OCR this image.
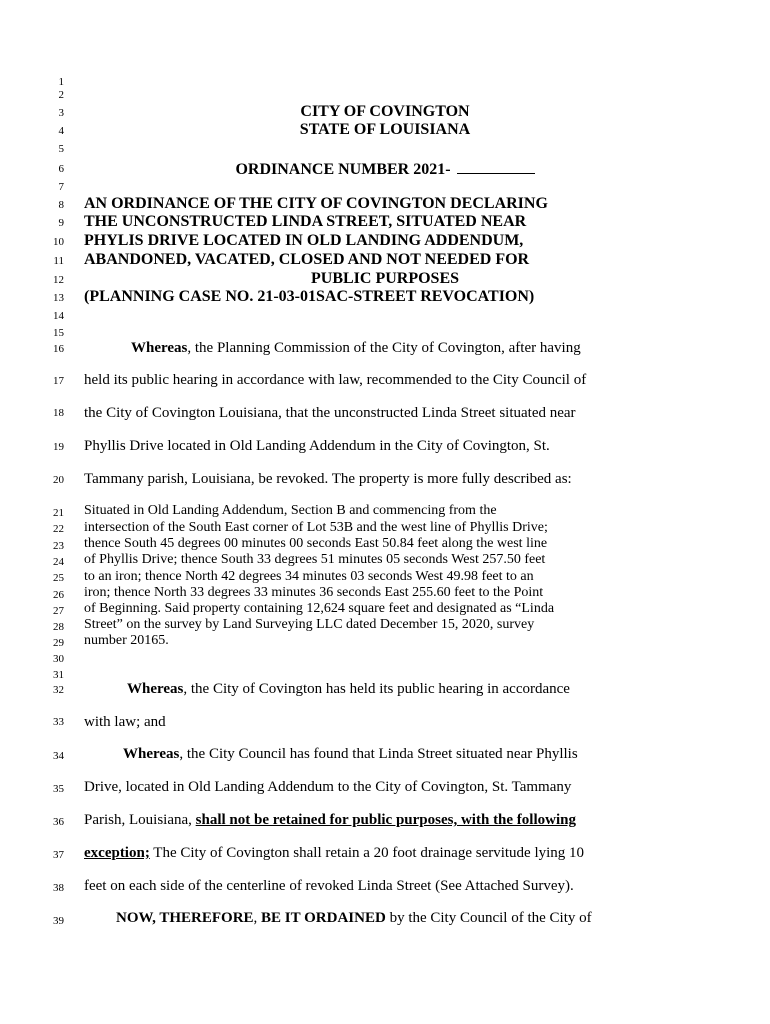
1
2
3
4
5
6
7
8
9
10
11
12
13
14
15
16
17
18
19
20
21
22
23
24
25
26
27
28
29
30
31
32
33
34
35
36
37
38
39
CITY OF COVINGTON
STATE OF LOUISIANA
ORDINANCE NUMBER 2021-
AN ORDINANCE OF THE CITY OF COVINGTON DECLARING
THE UNCONSTRUCTED LINDA STREET, SITUATED NEAR
PHYLIS DRIVE LOCATED IN OLD LANDING ADDENDUM,
ABANDONED, VACATED, CLOSED AND NOT NEEDED FOR
PUBLIC PURPOSES
(PLANNING CASE NO. 21-03-01SAC-STREET REVOCATION)
Whereas, the Planning Commission of the City of Covington, after having
held its public hearing in accordance with law, recommended to the City Council of
the City of Covington Louisiana, that the unconstructed Linda Street situated near
Phyllis Drive located in Old Landing Addendum in the City of Covington, St.
Tammany parish, Louisiana, be revoked. The property is more fully described as:
Situated in Old Landing Addendum, Section B and commencing from the
intersection of the South East corner of Lot 53B and the west line of Phyllis Drive;
thence South 45 degrees 00 minutes 00 seconds East 50.84 feet along the west line
of Phyllis Drive; thence South 33 degrees 51 minutes 05 seconds West 257.50 feet
to an iron; thence North 42 degrees 34 minutes 03 seconds West 49.98 feet to an
iron; thence North 33 degrees 33 minutes 36 seconds East 255.60 feet to the Point
of Beginning. Said property containing 12,624 square feet and designated as “Linda
Street” on the survey by Land Surveying LLC dated December 15, 2020, survey
number 20165.
Whereas, the City of Covington has held its public hearing in accordance
with law; and
Whereas, the City Council has found that Linda Street situated near Phyllis
Drive, located in Old Landing Addendum to the City of Covington, St. Tammany
Parish, Louisiana, shall not be retained for public purposes, with the following
exception; The City of Covington shall retain a 20 foot drainage servitude lying 10
feet on each side of the centerline of revoked Linda Street (See Attached Survey).
NOW, THEREFORE, BE IT ORDAINED by the City Council of the City of
